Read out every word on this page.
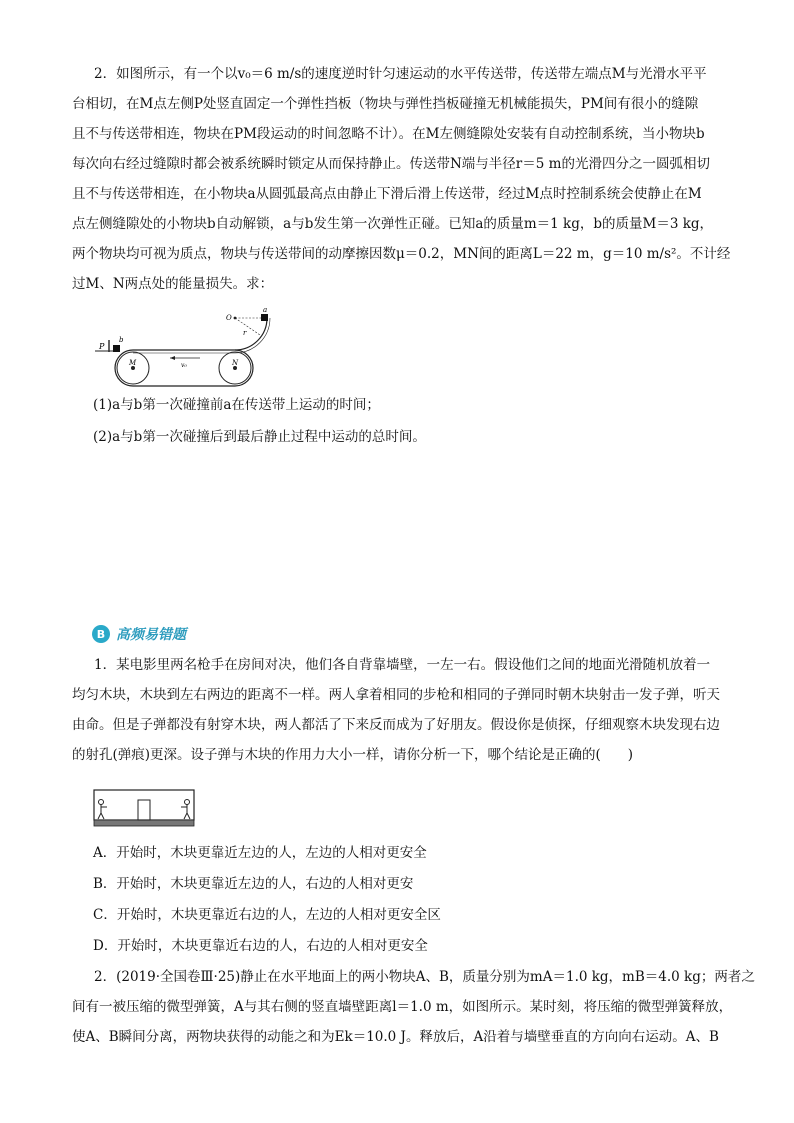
2．如图所示，有一个以v₀＝6 m/s的速度逆时针匀速运动的水平传送带，传送带左端点M与光滑水平平
台相切，在M点左侧P处竖直固定一个弹性挡板（物块与弹性挡板碰撞无机械能损失，PM间有很小的缝隙
且不与传送带相连，物块在PM段运动的时间忽略不计）。在M左侧缝隙处安装有自动控制系统，当小物块b
每次向右经过缝隙时都会被系统瞬时锁定从而保持静止。传送带N端与半径r＝5 m的光滑四分之一圆弧相切
且不与传送带相连，在小物块a从圆弧最高点由静止下滑后滑上传送带，经过M点时控制系统会使静止在M
点左侧缝隙处的小物块b自动解锁，a与b发生第一次弹性正碰。已知a的质量m＝1 kg，b的质量M＝3 kg，
两个物块均可视为质点，物块与传送带间的动摩擦因数μ＝0.2，MN间的距离L＝22 m，g＝10 m/s²。不计经
过M、N两点处的能量损失。求：
P
b
M	N
v₀
O
r
a
(1)a与b第一次碰撞前a在传送带上运动的时间；
(2)a与b第一次碰撞后到最后静止过程中运动的总时间。
B 高频易错题
1．某电影里两名枪手在房间对决，他们各自背靠墙壁，一左一右。假设他们之间的地面光滑随机放着一
均匀木块，木块到左右两边的距离不一样。两人拿着相同的步枪和相同的子弹同时朝木块射击一发子弹，听天
由命。但是子弹都没有射穿木块，两人都活了下来反而成为了好朋友。假设你是侦探，仔细观察木块发现右边
的射孔(弹痕)更深。设子弹与木块的作用力大小一样，请你分析一下，哪个结论是正确的(　　)
A．开始时，木块更靠近左边的人，左边的人相对更安全
B．开始时，木块更靠近左边的人，右边的人相对更安
C．开始时，木块更靠近右边的人，左边的人相对更安全区
D．开始时，木块更靠近右边的人，右边的人相对更安全
2．(2019·全国卷Ⅲ·25)静止在水平地面上的两小物块A、B，质量分别为mA＝1.0 kg，mB＝4.0 kg；两者之
间有一被压缩的微型弹簧，A与其右侧的竖直墙壁距离l＝1.0 m，如图所示。某时刻，将压缩的微型弹簧释放，
使A、B瞬间分离，两物块获得的动能之和为Ek＝10.0 J。释放后，A沿着与墙壁垂直的方向向右运动。A、B
